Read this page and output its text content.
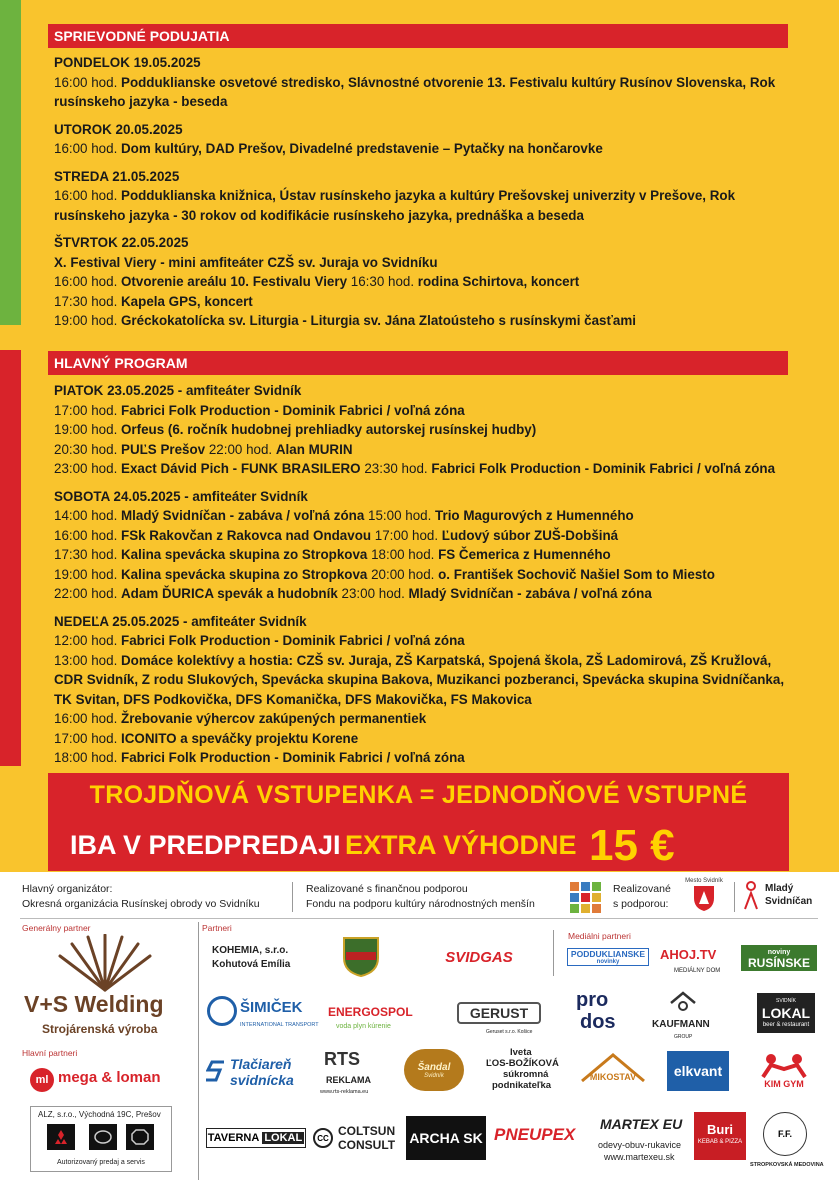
SPRIEVODNÉ PODUJATIA
PONDELOK 19.05.2025
16:00 hod. Podduklianske osvetové stredisko, Slávnostné otvorenie 13. Festivalu kultúry Rusínov Slovenska, Rok rusínskeho jazyka - beseda
UTOROK 20.05.2025
16:00 hod. Dom kultúry, DAD Prešov, Divadelné predstavenie – Pytačky na hončarovke
STREDA 21.05.2025
16:00 hod. Podduklianska knižnica, Ústav rusínskeho jazyka a kultúry Prešovskej univerzity v Prešove, Rok rusínskeho jazyka - 30 rokov od kodifikácie rusínskeho jazyka, prednáška a beseda
ŠTVRTOK 22.05.2025
X. Festival Viery - mini amfiteáter CZŠ sv. Juraja vo Svidníku
16:00 hod. Otvorenie areálu 10. Festivalu Viery 16:30 hod. rodina Schirtova, koncert
17:30 hod. Kapela GPS, koncert
19:00 hod. Gréckokatolícka sv. Liturgia - Liturgia sv. Jána Zlatoústeho s rusínskymi časťami
HLAVNÝ PROGRAM
PIATOK 23.05.2025 - amfiteáter Svidník
17:00 hod. Fabrici Folk Production - Dominik Fabrici / voľná zóna
19:00 hod. Orfeus (6. ročník hudobnej prehliadky autorskej rusínskej hudby)
20:30 hod. PUĽS Prešov 22:00 hod. Alan MURIN
23:00 hod. Exact Dávid Pich - FUNK BRASILERO 23:30 hod. Fabrici Folk Production - Dominik Fabrici / voľná zóna
SOBOTA 24.05.2025 - amfiteáter Svidník
14:00 hod. Mladý Svidníčan - zabáva / voľná zóna 15:00 hod. Trio Magurových z Humenného
16:00 hod. FSk Rakovčan z Rakovca nad Ondavou 17:00 hod. Ľudový súbor ZUŠ-Dobšiná
17:30 hod. Kalina spevácka skupina zo Stropkova 18:00 hod. FS Čemerica z Humenného
19:00 hod. Kalina spevácka skupina zo Stropkova 20:00 hod. o. František Sochovič Našiel Som to Miesto
22:00 hod. Adam ĎURICA spevák a hudobník 23:00 hod. Mladý Svidníčan - zabáva / voľná zóna
NEDEĽA 25.05.2025 - amfiteáter Svidník
12:00 hod. Fabrici Folk Production - Dominik Fabrici / voľná zóna
13:00 hod. Domáce kolektívy a hostia: CZŠ sv. Juraja, ZŠ Karpatská, Spojená škola, ZŠ Ladomirová, ZŠ Kružlová, CDR Svidník, Z rodu Slukových, Spevácka skupina Bakova, Muzikanci pozberanci, Spevácka skupina Svidníčanka, TK Svitan, DFS Podkovička, DFS Komanička, DFS Makovička, FS Makovica
16:00 hod. Žrebovanie výhercov zakúpených permanentiek
17:00 hod. ICONITO a speváčky projektu Korene
18:00 hod. Fabrici Folk Production - Dominik Fabrici / voľná zóna
TROJDŇOVÁ VSTUPENKA = JEDNODŇOVÉ VSTUPNÉ
IBA V PREDPREDAJI EXTRA VÝHODNE 15 €
Hlavný organizátor:
Okresná organizácia Rusínskej obrody vo Svidníku
Realizované s finančnou podporou
Fondu na podporu kultúry národnostných menšín
Realizované
s podporou:
Mesto Svidník
Mladý
Svidníčan
Generálny partner
V+S Welding
Strojárenská výroba
Hlavní partneri
ml mega & loman
ALZ, s.r.o., Východná 19C, Prešov
Autorizovaný predaj a servis
Partneri
KOHEMIA, s.r.o.
Kohutová Emília	SVIDGAS
Mediálni partneri
PODDUKLIANSKE
novinky	AHOJ.TV
MEDIÁLNY DOM
noviny
RUSÍNSKE
ŠIMIČEK
INTERNATIONAL TRANSPORT
ENERGOSPOL
voda plyn kúrenie
GERUST
Geruset s.r.o. Košice
pro
dos	KAUFMANN
GROUP
SVIDNÍK
LOKAL
beer & restaurant
Tlačiareň
svidnícka
RTS
REKLAMA
www.rts-reklama.eu
Šandal
Svidník
Iveta
ĽOS-BOŽÍKOVÁ
súkromná
podnikateľka
MIKOSTAV	elkvant
KIM GYM
TAVERNA LOKAL	CC COLTSUN
CONSULT ARCHA SK PNEUPEX
MARTEX EU
odevy-obuv-rukavice
www.martexeu.sk
Buri
KEBAB & PIZZA
F.F.
STROPKOVSKÁ MEDOVINA
